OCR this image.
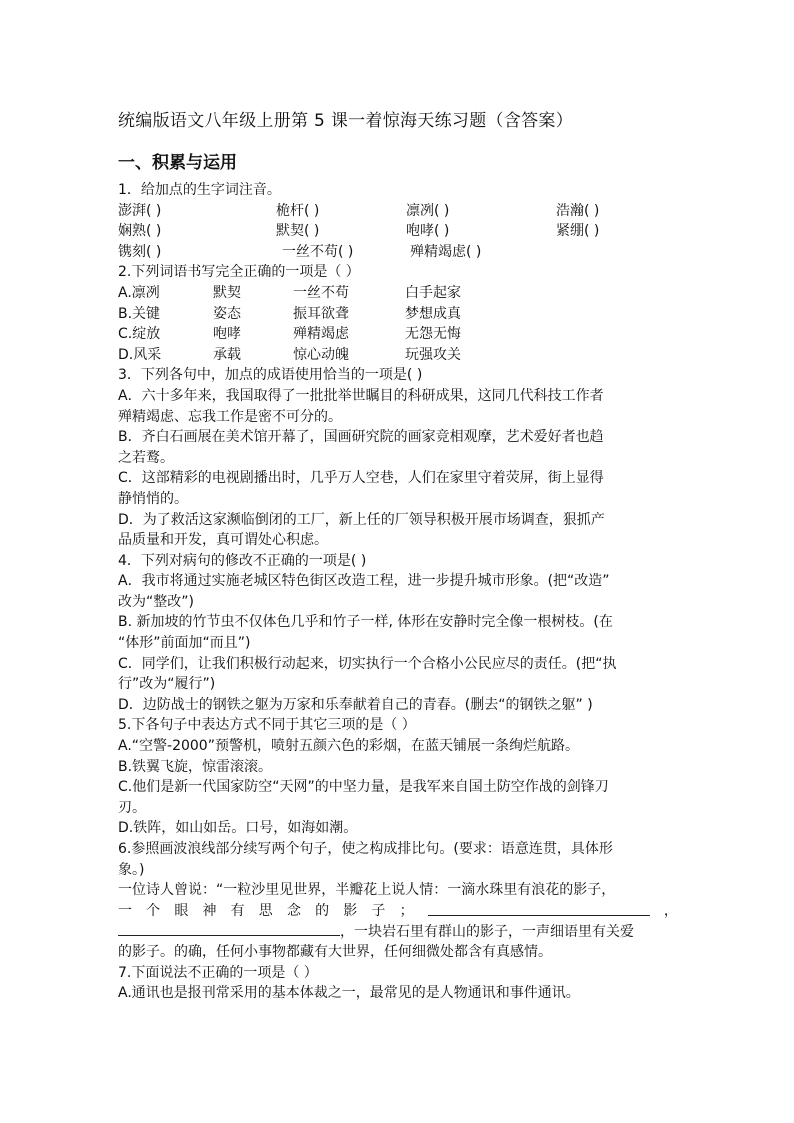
统编版语文八年级上册第 5 课一着惊海天练习题（含答案）
一、积累与运用
1．给加点的生字词注音。
澎湃( )	桅杆( )	凛冽( )	浩瀚( )
娴熟( )	默契( )	咆哮( )	紧绷( )
镌刻( )	一丝不苟( )	殚精竭虑( )
2.下列词语书写完全正确的一项是（ ）
A.凛冽	默契	一丝不苟	白手起家
B.关键	姿态	振耳欲聋	梦想成真
C.绽放	咆哮	殚精竭虑	无怨无悔
D.风采	承载	惊心动魄	玩强攻关
3．下列各句中，加点的成语使用恰当的一项是( )
A．六十多年来，我国取得了一批批举世瞩目的科研成果，这同几代科技工作者
殚精竭虑、忘我工作是密不可分的。
B．齐白石画展在美术馆开幕了，国画研究院的画家竞相观摩，艺术爱好者也趋
之若鹜。
C．这部精彩的电视剧播出时，几乎万人空巷，人们在家里守着荧屏，街上显得
静悄悄的。
D．为了救活这家濒临倒闭的工厂，新上任的厂领导积极开展市场调查，狠抓产
品质量和开发，真可谓处心积虑。
4．下列对病句的修改不正确的一项是( )
A．我市将通过实施老城区特色街区改造工程，进一步提升城市形象。(把“改造”
改为“整改”)
B. 新加坡的竹节虫不仅体色几乎和竹子一样, 体形在安静时完全像一根树枝。(在
“体形”前面加“而且”)
C．同学们，让我们积极行动起来，切实执行一个合格小公民应尽的责任。(把“执
行”改为“履行”)
D．边防战士的钢铁之躯为万家和乐奉献着自己的青春。(删去“的钢铁之躯” )
5.下各句子中表达方式不同于其它三项的是（ ）
A.“空警-2000”预警机，喷射五颜六色的彩烟，在蓝天铺展一条绚烂航路。
B.铁翼飞旋，惊雷滚滚。
C.他们是新一代国家防空“天网”的中坚力量，是我军来自国土防空作战的剑锋刀
刃。
D.铁阵，如山如岳。口号，如海如潮。
6.参照画波浪线部分续写两个句子，使之构成排比句。(要求：语意连贯，具体形
象。)
一位诗人曾说：“一粒沙里见世界，半瓣花上说人情：一滴水珠里有浪花的影子，
一 个 眼 神 有 思 念 的 影 子 ；	，
，一块岩石里有群山的影子，一声细语里有关爱
的影子。的确，任何小事物都藏有大世界，任何细微处都含有真感情。
7.下面说法不正确的一项是（ ）
A.通讯也是报刊常采用的基本体裁之一，最常见的是人物通讯和事件通讯。
